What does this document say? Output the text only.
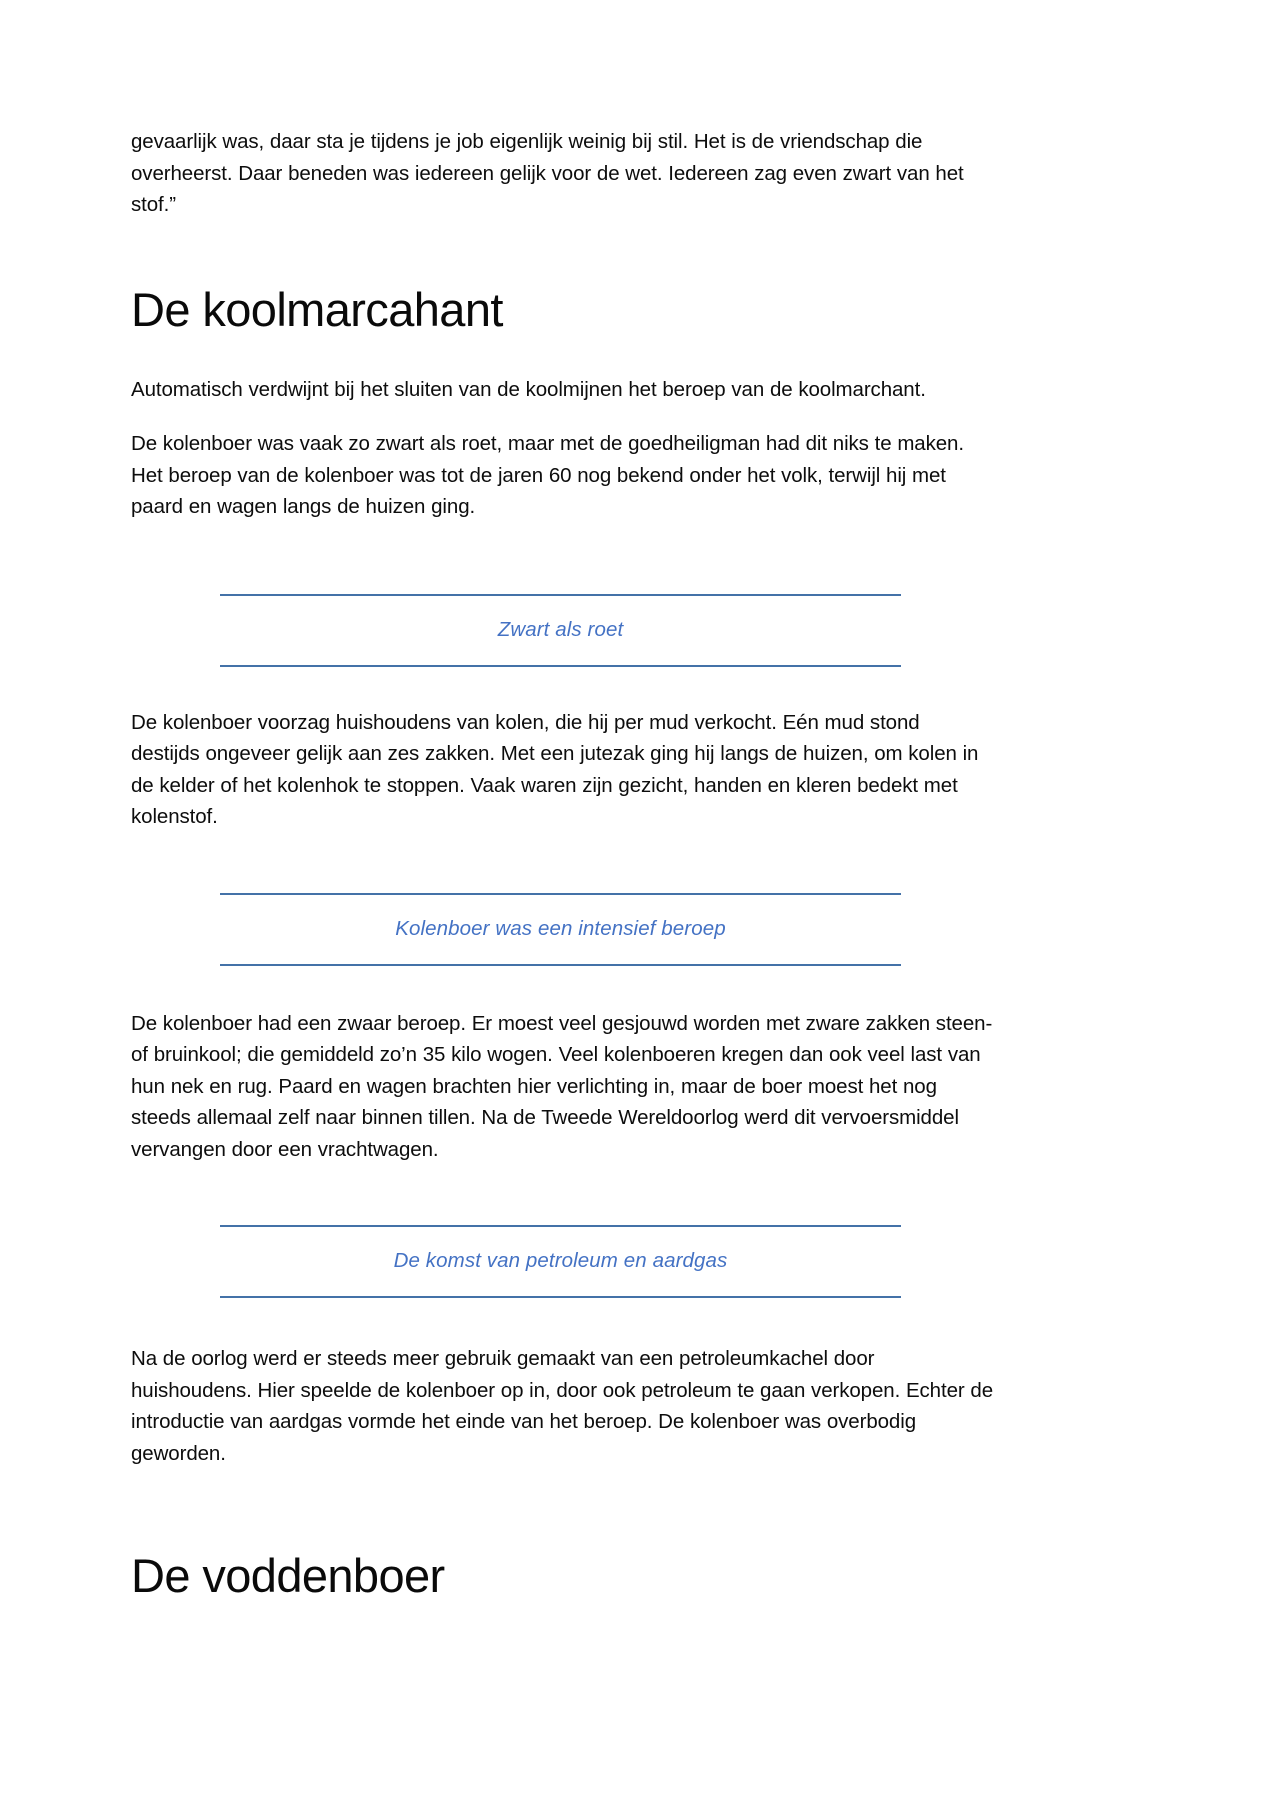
gevaarlijk was, daar sta je tijdens je job eigenlijk weinig bij stil. Het is de vriendschap die overheerst. Daar beneden was iedereen gelijk voor de wet. Iedereen zag even zwart van het stof.”

De koolmarcahant

Automatisch verdwijnt bij het sluiten van de koolmijnen het beroep van de koolmarchant.

De kolenboer was vaak zo zwart als roet, maar met de goedheiligman had dit niks te maken. Het beroep van de kolenboer was tot de jaren 60 nog bekend onder het volk, terwijl hij met paard en wagen langs de huizen ging.

Zwart als roet

De kolenboer voorzag huishoudens van kolen, die hij per mud verkocht. Eén mud stond destijds ongeveer gelijk aan zes zakken. Met een jutezak ging hij langs de huizen, om kolen in de kelder of het kolenhok te stoppen. Vaak waren zijn gezicht, handen en kleren bedekt met kolenstof.

Kolenboer was een intensief beroep

De kolenboer had een zwaar beroep. Er moest veel gesjouwd worden met zware zakken steen- of bruinkool; die gemiddeld zo’n 35 kilo wogen. Veel kolenboeren kregen dan ook veel last van hun nek en rug. Paard en wagen brachten hier verlichting in, maar de boer moest het nog steeds allemaal zelf naar binnen tillen. Na de Tweede Wereldoorlog werd dit vervoersmiddel vervangen door een vrachtwagen.

De komst van petroleum en aardgas

Na de oorlog werd er steeds meer gebruik gemaakt van een petroleumkachel door huishoudens. Hier speelde de kolenboer op in, door ook petroleum te gaan verkopen. Echter de introductie van aardgas vormde het einde van het beroep. De kolenboer was overbodig geworden.

De voddenboer
